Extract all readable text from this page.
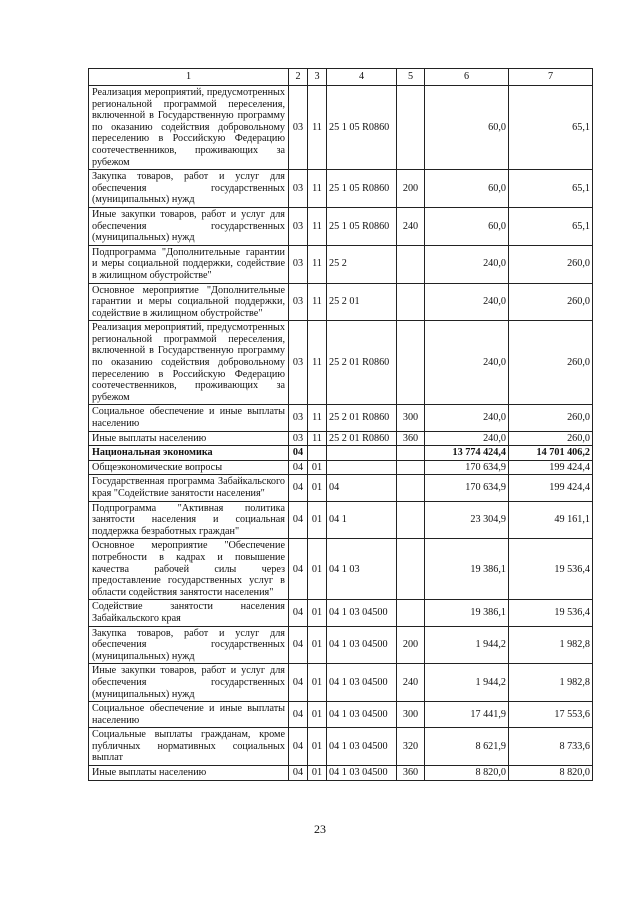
1	2	3	4	5	6	7
Реализация мероприятий, предусмотренных региональной программой переселения, включенной в Государственную программу по оказанию содействия добровольному переселению в Российскую Федерацию соотечественников, проживающих за рубежом	03	11	25 1 05 R0860		60,0	65,1
Закупка товаров, работ и услуг для обеспечения государственных (муниципальных) нужд	03	11	25 1 05 R0860	200	60,0	65,1
Иные закупки товаров, работ и услуг для обеспечения государственных (муниципальных) нужд	03	11	25 1 05 R0860	240	60,0	65,1
Подпрограмма "Дополнительные гарантии и меры социальной поддержки, содействие в жилищном обустройстве"	03	11	25 2		240,0	260,0
Основное мероприятие "Дополнительные гарантии и меры социальной поддержки, содействие в жилищном обустройстве"	03	11	25 2 01		240,0	260,0
Реализация мероприятий, предусмотренных региональной программой переселения, включенной в Государственную программу по оказанию содействия добровольному переселению в Российскую Федерацию соотечественников, проживающих за рубежом	03	11	25 2 01 R0860		240,0	260,0
Социальное обеспечение и иные выплаты населению	03	11	25 2 01 R0860	300	240,0	260,0
Иные выплаты населению	03	11	25 2 01 R0860	360	240,0	260,0
Национальная экономика	04				13 774 424,4	14 701 406,2
Общеэкономические вопросы	04	01			170 634,9	199 424,4
Государственная программа Забайкальского края "Содействие занятости населения"	04	01	04		170 634,9	199 424,4
Подпрограмма "Активная политика занятости населения и социальная поддержка безработных граждан"	04	01	04 1		23 304,9	49 161,1
Основное мероприятие "Обеспечение потребности в кадрах и повышение качества рабочей силы через предоставление государственных услуг в области содействия занятости населения"	04	01	04 1 03		19 386,1	19 536,4
Содействие занятости населения Забайкальского края	04	01	04 1 03 04500		19 386,1	19 536,4
Закупка товаров, работ и услуг для обеспечения государственных (муниципальных) нужд	04	01	04 1 03 04500	200	1 944,2	1 982,8
Иные закупки товаров, работ и услуг для обеспечения государственных (муниципальных) нужд	04	01	04 1 03 04500	240	1 944,2	1 982,8
Социальное обеспечение и иные выплаты населению	04	01	04 1 03 04500	300	17 441,9	17 553,6
Социальные выплаты гражданам, кроме публичных нормативных социальных выплат	04	01	04 1 03 04500	320	8 621,9	8 733,6
Иные выплаты населению	04	01	04 1 03 04500	360	8 820,0	8 820,0
23
